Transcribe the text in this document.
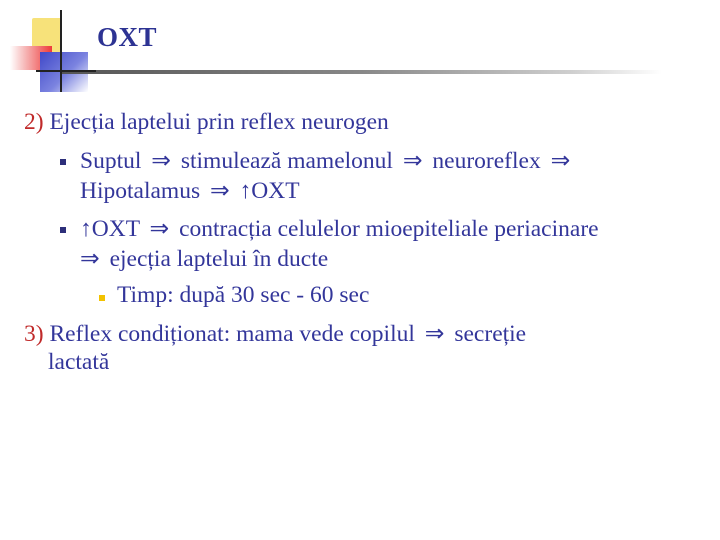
OXT
2) Ejecția laptelui prin reflex neurogen
Suptul ⇒ stimulează mamelonul ⇒ neuroreflex ⇒
Hipotalamus ⇒ ↑OXT
↑OXT ⇒ contracția celulelor mioepiteliale periacinare
⇒ ejecția laptelui în ducte
Timp: după 30 sec - 60 sec
3) Reflex condiționat: mama vede copilul ⇒ secreție
lactată
